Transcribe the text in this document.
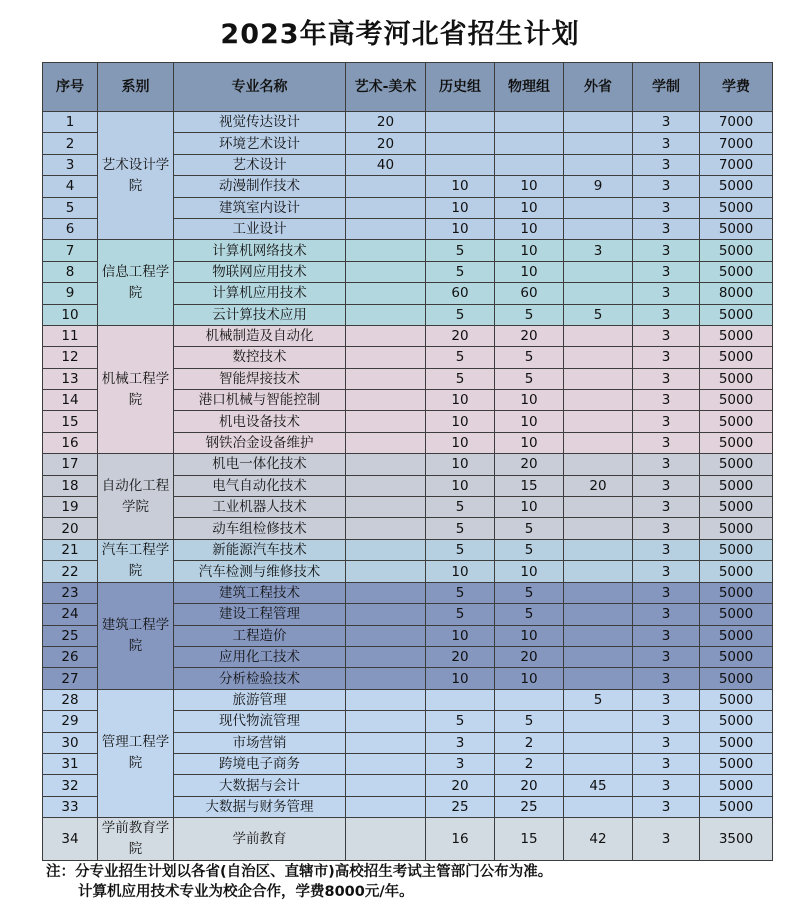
2023年高考河北省招生计划
序号	系别	专业名称	艺术-美术	历史组	物理组	外省	学制	学费
1	艺术设计学院	视觉传达设计	20				3	7000
2		环境艺术设计	20				3	7000
3		艺术设计	40				3	7000
4		动漫制作技术		10	10	9	3	5000
5		建筑室内设计		10	10		3	5000
6		工业设计		10	10		3	5000
7	信息工程学院	计算机网络技术		5	10	3	3	5000
8		物联网应用技术		5	10		3	5000
9		计算机应用技术		60	60		3	8000
10		云计算技术应用		5	5	5	3	5000
11	机械工程学院	机械制造及自动化		20	20		3	5000
12		数控技术		5	5		3	5000
13		智能焊接技术		5	5		3	5000
14		港口机械与智能控制		10	10		3	5000
15		机电设备技术		10	10		3	5000
16		钢铁冶金设备维护		10	10		3	5000
17	自动化工程学院	机电一体化技术		10	20		3	5000
18		电气自动化技术		10	15	20	3	5000
19		工业机器人技术		5	10		3	5000
20		动车组检修技术		5	5		3	5000
21	汽车工程学院	新能源汽车技术		5	5		3	5000
22		汽车检测与维修技术		10	10		3	5000
23	建筑工程学院	建筑工程技术		5	5		3	5000
24		建设工程管理		5	5		3	5000
25		工程造价		10	10		3	5000
26		应用化工技术		20	20		3	5000
27		分析检验技术		10	10		3	5000
28	管理工程学院	旅游管理				5	3	5000
29		现代物流管理		5	5		3	5000
30		市场营销		3	2		3	5000
31		跨境电子商务		3	2		3	5000
32		大数据与会计		20	20	45	3	5000
33		大数据与财务管理		25	25		3	5000
34	学前教育学院	学前教育		16	15	42	3	3500
注：分专业招生计划以各省(自治区、直辖市)高校招生考试主管部门公布为准。
计算机应用技术专业为校企合作，学费8000元/年。
